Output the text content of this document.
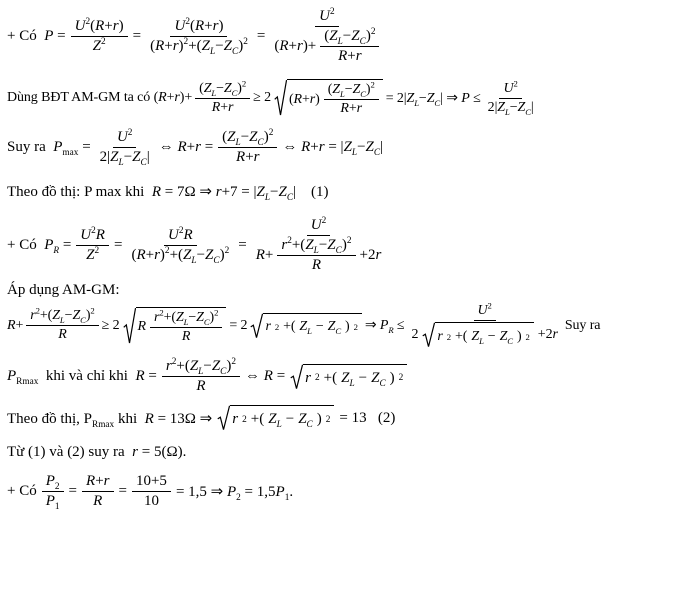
+ Có  $P = \frac{U^2(R+r)}{Z^2} = \frac{U^2(R+r)}{(R+r)^2+(Z_L-Z_C)^2} = \frac{U^2}{(R+r)+ \frac{(Z_L-Z_C)^2}{R+r}}$
Dùng BĐT AM-GM ta có $(R+r)+ \frac{(Z_L-Z_C)^2}{R+r} \ge 2$ $(R+r) \frac{(Z_L-Z_C)^2}{R+r} = 2|Z_L-Z_C|$ ⇒ $P \le \frac{U^2}{2|Z_L-Z_C|}$
Suy ra  $P_{max} = \frac{U^2}{2|Z_L-Z_C|}$ ⇔ $R+r = \frac{(Z_L-Z_C)^2}{R+r}$ ⇔ $R+r = |Z_L-Z_C|$
Theo đồ thị: P max khi  R = 7Ω ⇒ $r+7 = |Z_L-Z_C|$    (1)
+ Có  $P_R = \frac{U^2R}{Z^2} = \frac{U^2R}{(R+r)^2+(Z_L-Z_C)^2} = \frac{U^2}{R+ \frac{r^2+(Z_L-Z_C)^2}{R} +2r}$
Áp dụng AM-GM:
$R+ \frac{r^2+(Z_L-Z_C)^2}{R} \ge 2$ R $\frac{r^2+(Z_L-Z_C)^2}{R} = 2$ r 2 +( $Z_L - Z_C$ ) 2 ⇒ $P_R \le \frac{U^2}{2 r 2 +( Z_L - Z_C ) 2 +2r}$ Suy ra
$P_{Rmax}$  khi và chỉ khi  $R = \frac{r^2+(Z_L-Z_C)^2}{R}$ ⇔ R = r 2 +( $Z_L - Z_C$ ) 2
Theo đồ thị, $P_{Rmax}$ khi  R = 13Ω ⇒ r 2 +( $Z_L - Z_C$ ) 2 = 13   (2)
Từ (1) và (2) suy ra  r = 5(Ω).
+ Có $\frac{P_2}{P_1} = \frac{R+r}{R} = \frac{10+5}{10} = 1,5$ ⇒ $P_2 = 1,5P_1$.
